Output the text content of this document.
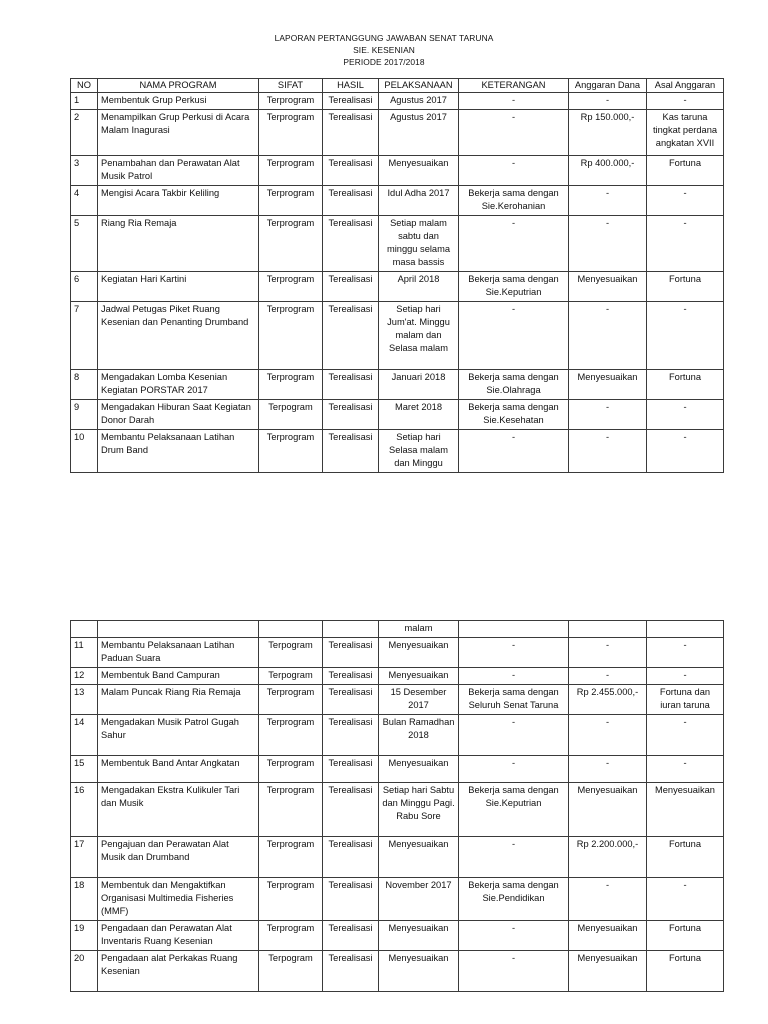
LAPORAN PERTANGGUNG JAWABAN SENAT TARUNA
SIE. KESENIAN
PERIODE 2017/2018
NO	NAMA PROGRAM	SIFAT	HASIL	PELAKSANAAN	KETERANGAN	Anggaran Dana	Asal Anggaran
1	Membentuk Grup Perkusi	Terprogram	Terealisasi	Agustus 2017	-	-	-
2	Menampilkan Grup Perkusi di Acara Malam Inagurasi	Terprogram	Terealisasi	Agustus 2017	-	Rp 150.000,-	Kas taruna tingkat perdana angkatan XVII
3	Penambahan dan Perawatan Alat Musik Patrol	Terprogram	Terealisasi	Menyesuaikan	-	Rp 400.000,-	Fortuna
4	Mengisi Acara Takbir Keliling	Terprogram	Terealisasi	Idul Adha 2017	Bekerja sama dengan Sie.Kerohanian	-	-
5	Riang Ria Remaja	Terprogram	Terealisasi	Setiap malam sabtu dan minggu selama masa bassis	-	-	-
6	Kegiatan Hari Kartini	Terprogram	Terealisasi	April 2018	Bekerja sama dengan Sie.Keputrian	Menyesuaikan	Fortuna
7	Jadwal Petugas Piket Ruang Kesenian dan Penanting Drumband	Terprogram	Terealisasi	Setiap hari Jum'at. Minggu malam dan Selasa malam	-	-	-
8	Mengadakan Lomba Kesenian Kegiatan PORSTAR 2017	Terprogram	Terealisasi	Januari 2018	Bekerja sama dengan Sie.Olahraga	Menyesuaikan	Fortuna
9	Mengadakan Hiburan Saat Kegiatan Donor Darah	Terpogram	Terealisasi	Maret 2018	Bekerja sama dengan Sie.Kesehatan	-	-
10	Membantu Pelaksanaan Latihan Drum Band	Terprogram	Terealisasi	Setiap hari Selasa malam dan Minggu	-	-	-
				malam			
11	Membantu Pelaksanaan Latihan Paduan Suara	Terpogram	Terealisasi	Menyesuaikan	-	-	-
12	Membentuk Band Campuran	Terpogram	Terealisasi	Menyesuaikan	-	-	-
13	Malam Puncak Riang Ria Remaja	Terprogram	Terealisasi	15 Desember 2017	Bekerja sama dengan Seluruh Senat Taruna	Rp 2.455.000,-	Fortuna dan iuran taruna
14	Mengadakan Musik Patrol Gugah Sahur	Terprogram	Terealisasi	Bulan Ramadhan 2018	-	-	-
15	Membentuk Band Antar Angkatan	Terprogram	Terealisasi	Menyesuaikan	-	-	-
16	Mengadakan Ekstra Kulikuler Tari dan Musik	Terprogram	Terealisasi	Setiap hari Sabtu dan Minggu Pagi. Rabu Sore	Bekerja sama dengan Sie.Keputrian	Menyesuaikan	Menyesuaikan
17	Pengajuan dan Perawatan Alat Musik dan Drumband	Terprogram	Terealisasi	Menyesuaikan	-	Rp 2.200.000,-	Fortuna
18	Membentuk dan Mengaktifkan Organisasi Multimedia Fisheries (MMF)	Terprogram	Terealisasi	November 2017	Bekerja sama dengan Sie.Pendidikan	-	-
19	Pengadaan dan Perawatan Alat Inventaris Ruang Kesenian	Terprogram	Terealisasi	Menyesuaikan	-	Menyesuaikan	Fortuna
20	Pengadaan alat Perkakas Ruang Kesenian	Terpogram	Terealisasi	Menyesuaikan	-	Menyesuaikan	Fortuna
